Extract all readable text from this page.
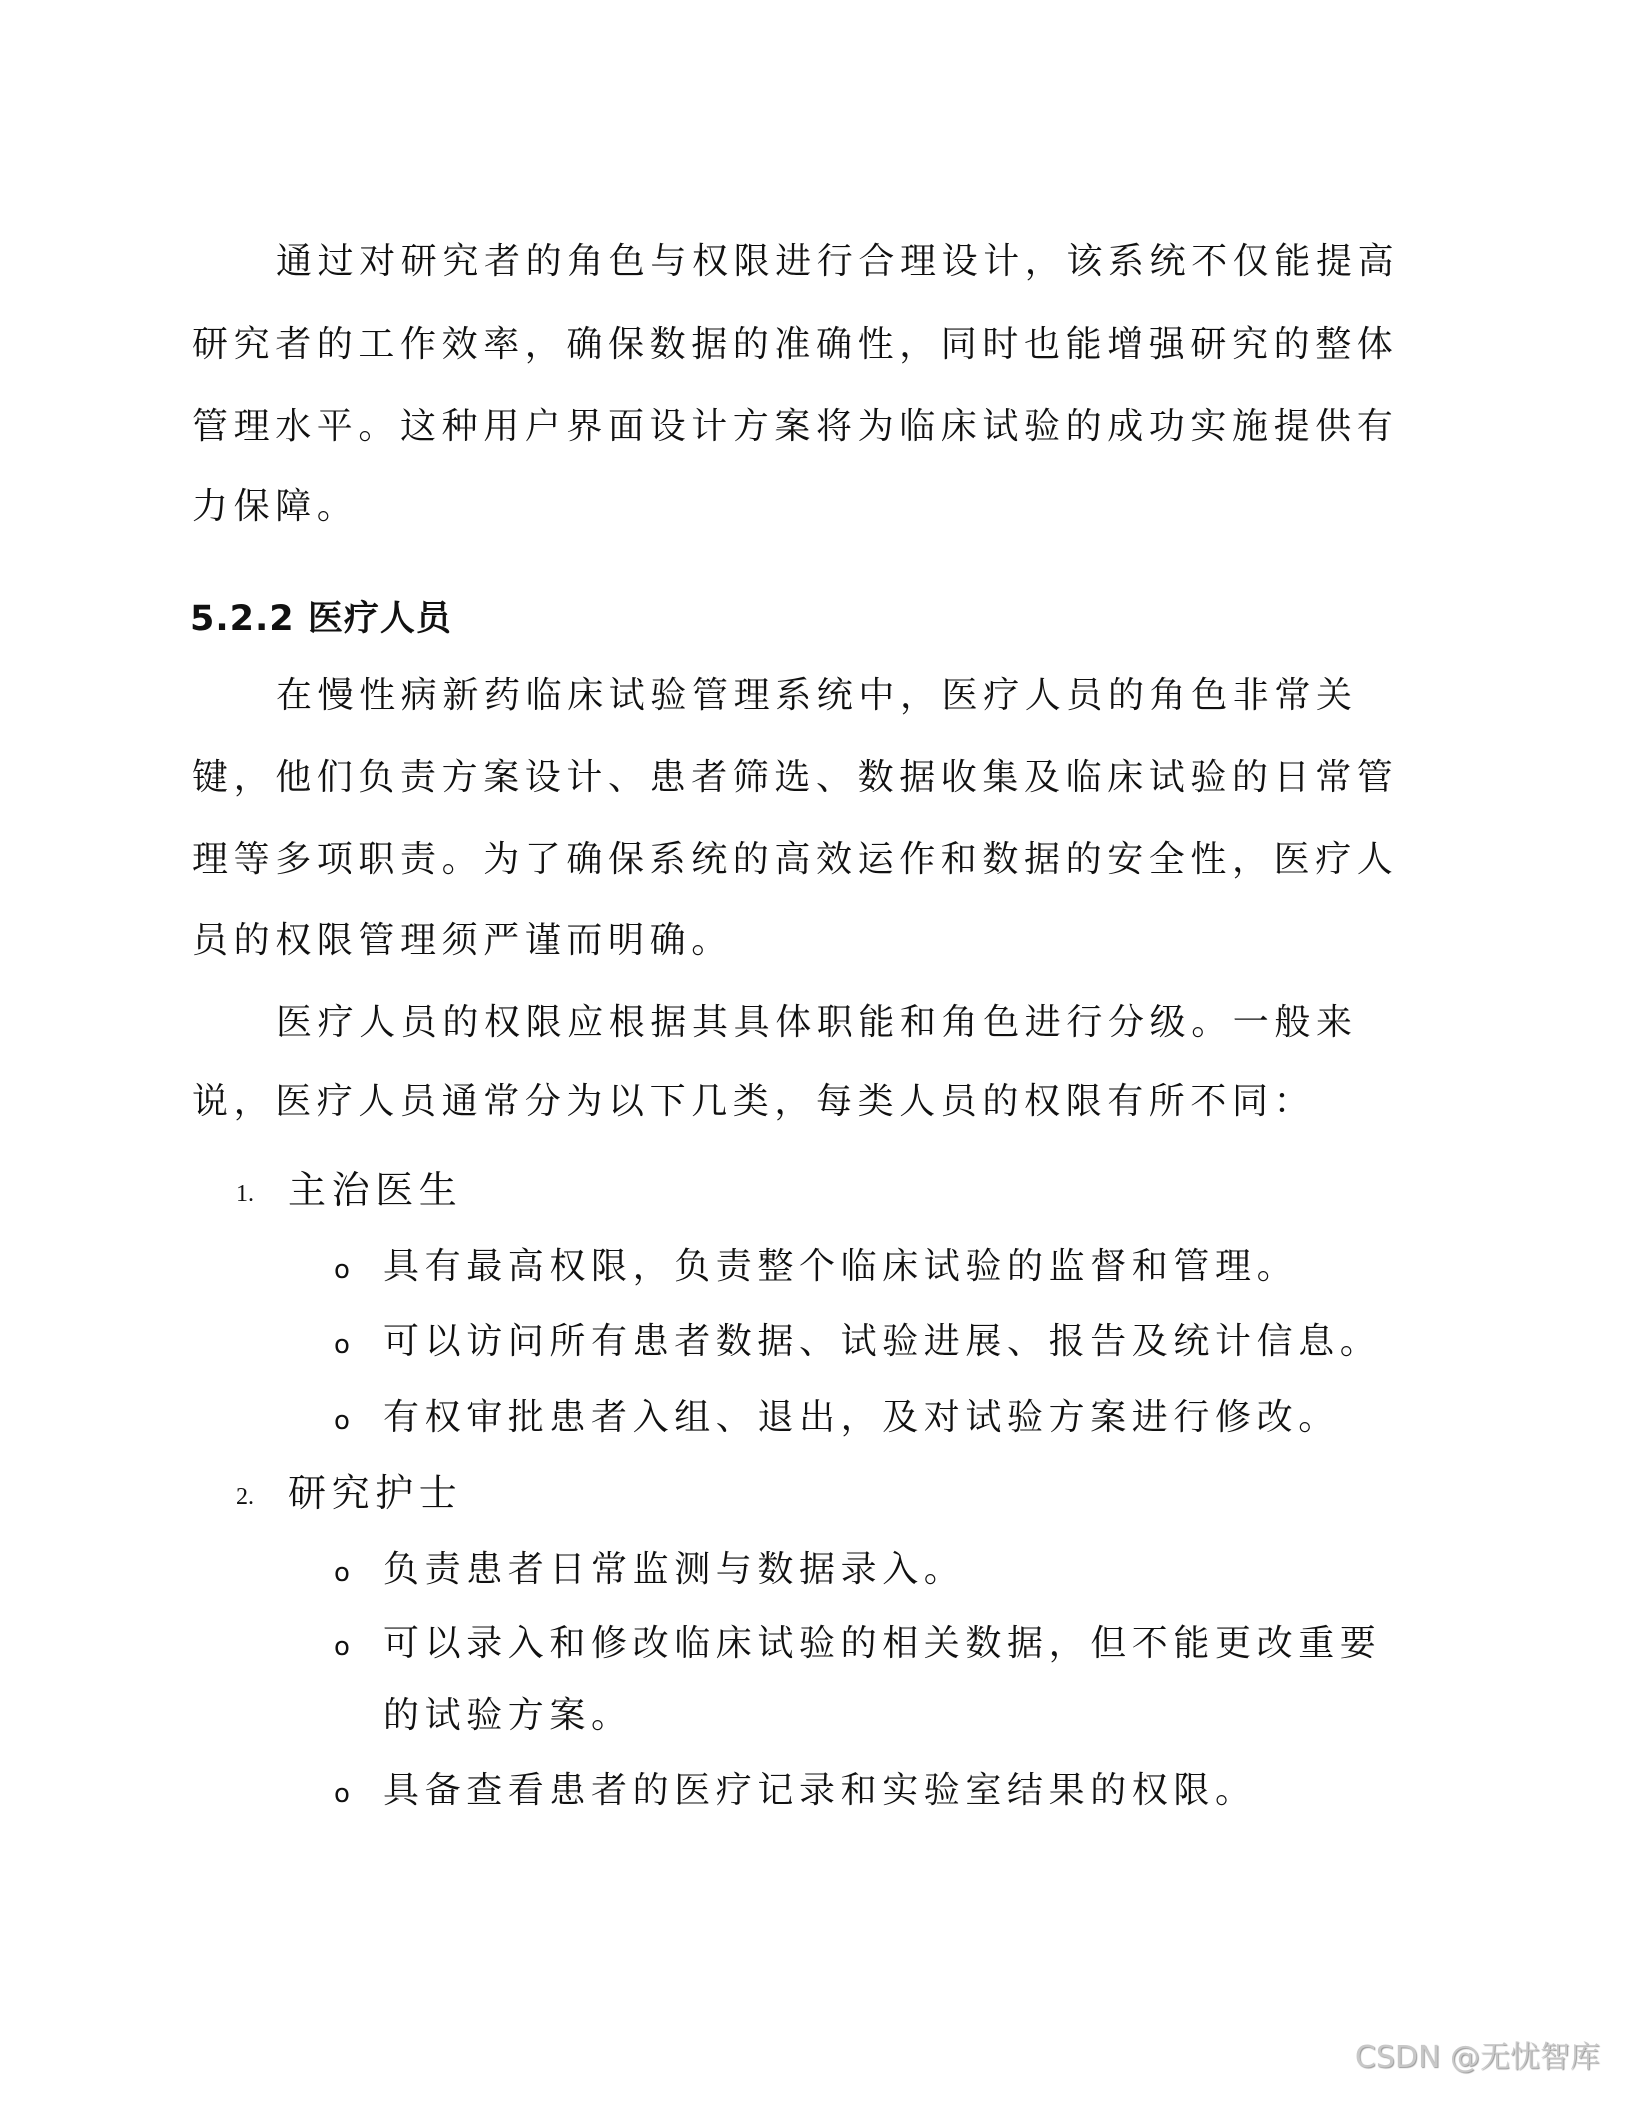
通过对研究者的角色与权限进行合理设计，该系统不仅能提高
研究者的工作效率，确保数据的准确性，同时也能增强研究的整体
管理水平。这种用户界面设计方案将为临床试验的成功实施提供有
力保障。
5.2.2 医疗人员
在慢性病新药临床试验管理系统中，医疗人员的角色非常关
键，他们负责方案设计、患者筛选、数据收集及临床试验的日常管
理等多项职责。为了确保系统的高效运作和数据的安全性，医疗人
员的权限管理须严谨而明确。
医疗人员的权限应根据其具体职能和角色进行分级。一般来
说，医疗人员通常分为以下几类，每类人员的权限有所不同：
1. 主治医生
o 具有最高权限，负责整个临床试验的监督和管理。
o 可以访问所有患者数据、试验进展、报告及统计信息。
o 有权审批患者入组、退出，及对试验方案进行修改。
2. 研究护士
o 负责患者日常监测与数据录入。
o 可以录入和修改临床试验的相关数据，但不能更改重要
的试验方案。
o 具备查看患者的医疗记录和实验室结果的权限。
CSDN @无忧智库
